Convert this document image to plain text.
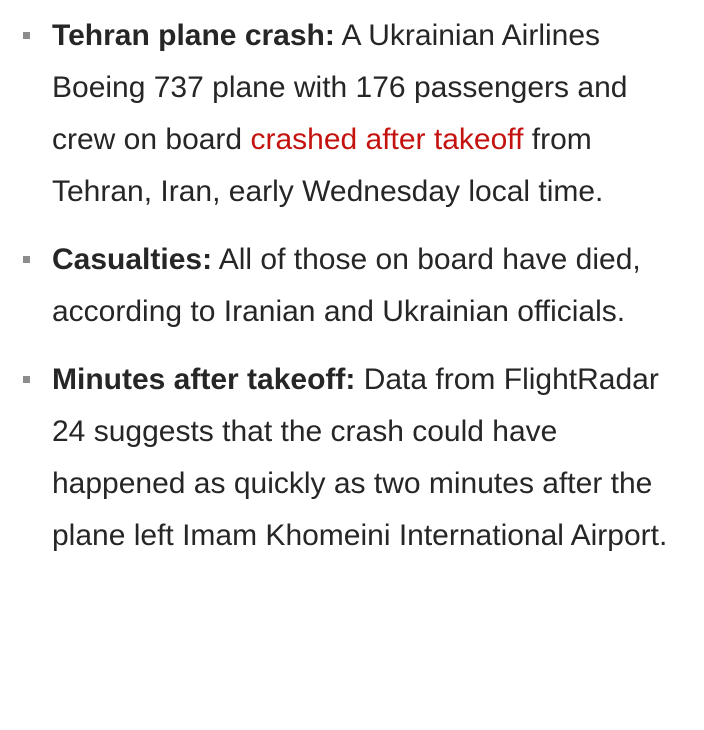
Tehran plane crash: A Ukrainian Airlines Boeing 737 plane with 176 passengers and crew on board crashed after takeoff from Tehran, Iran, early Wednesday local time.
Casualties: All of those on board have died, according to Iranian and Ukrainian officials.
Minutes after takeoff: Data from FlightRadar 24 suggests that the crash could have happened as quickly as two minutes after the plane left Imam Khomeini International Airport.
